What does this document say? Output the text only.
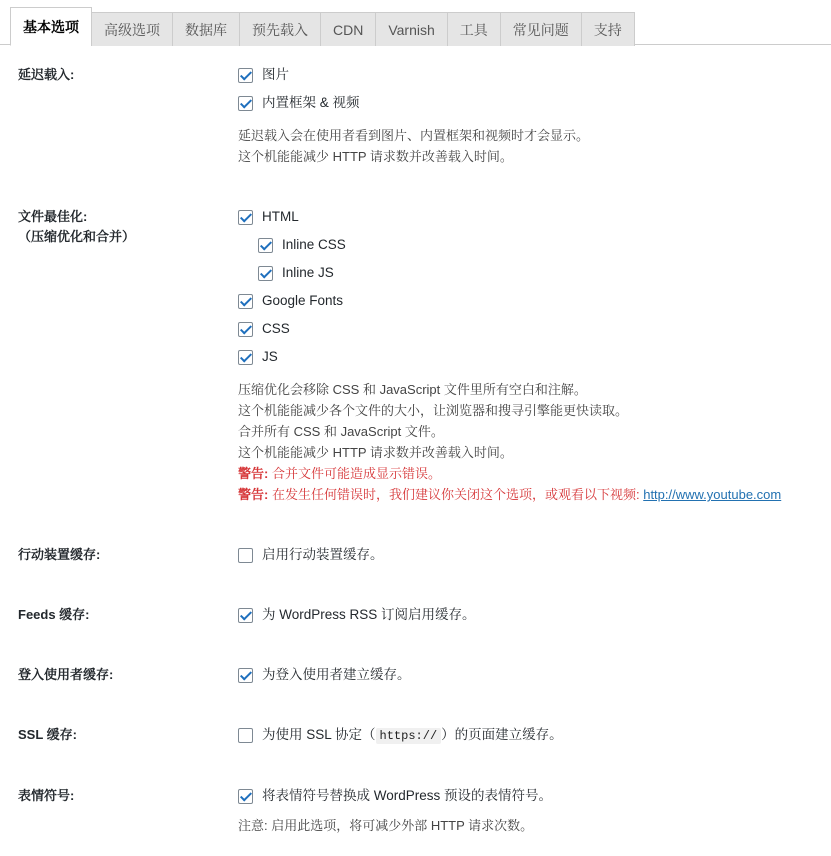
基本选项	高级选项	数据库	预先载入	CDN	Varnish	工具	常见问题	支持
延迟载入:	图片
内置框架 & 视频
延迟载入会在使用者看到图片、内置框架和视频时才会显示。
这个机能能减少 HTTP 请求数并改善载入时间。
文件最佳化:
（压缩优化和合并）
HTML
Inline CSS
Inline JS
Google Fonts
CSS
JS
压缩优化会移除 CSS 和 JavaScript 文件里所有空白和注解。
这个机能能减少各个文件的大小，让浏览器和搜寻引擎能更快读取。
合并所有 CSS 和 JavaScript 文件。
这个机能能减少 HTTP 请求数并改善载入时间。
警告: 合并文件可能造成显示错误。
警告: 在发生任何错误时，我们建议你关闭这个选项，或观看以下视频: http://www.youtube.com
行动装置缓存:	启用行动装置缓存。
Feeds 缓存:	为 WordPress RSS 订阅启用缓存。
登入使用者缓存:	为登入使用者建立缓存。
SSL 缓存:	为使用 SSL 协定（ https:// ）的页面建立缓存。
表情符号:	将表情符号替换成 WordPress 预设的表情符号。
注意: 启用此选项，将可减少外部 HTTP 请求次数。
